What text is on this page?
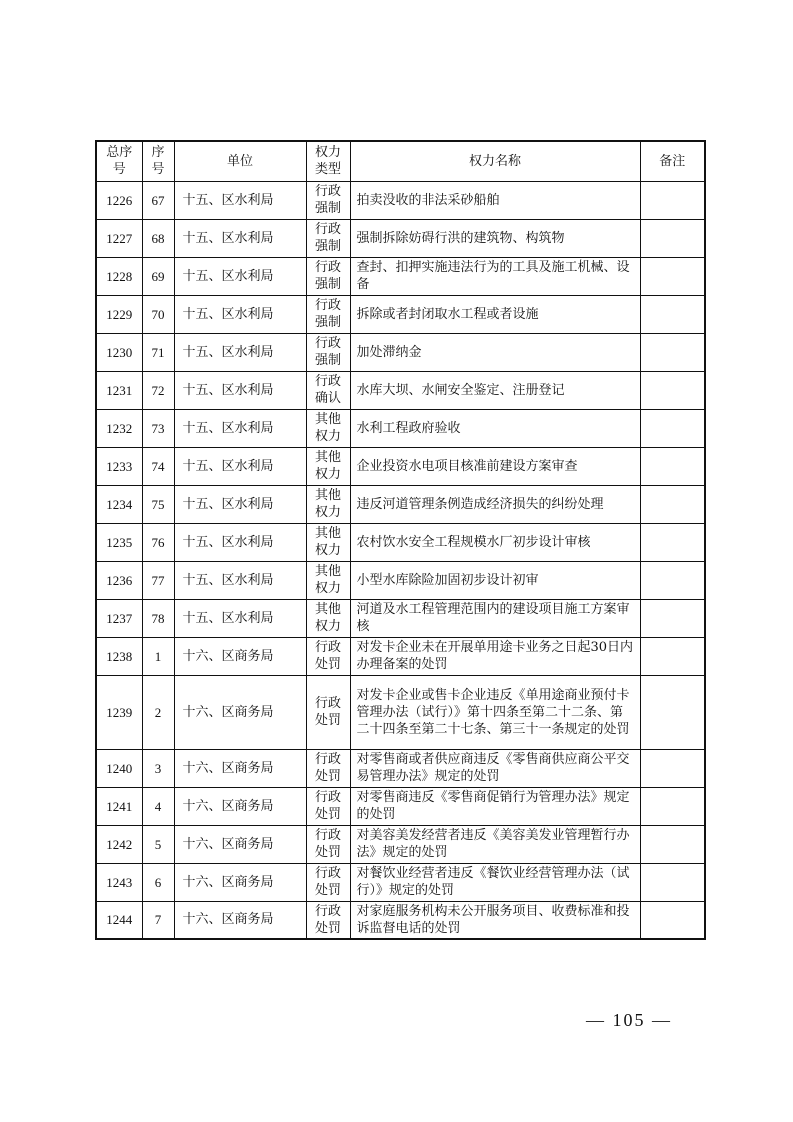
总序号	序号	单位	权力类型	权力名称	备注
1226	67	十五、区水利局	行政强制	拍卖没收的非法采砂船舶	
1227	68	十五、区水利局	行政强制	强制拆除妨碍行洪的建筑物、构筑物	
1228	69	十五、区水利局	行政强制	查封、扣押实施违法行为的工具及施工机械、设备	
1229	70	十五、区水利局	行政强制	拆除或者封闭取水工程或者设施	
1230	71	十五、区水利局	行政强制	加处滞纳金	
1231	72	十五、区水利局	行政确认	水库大坝、水闸安全鉴定、注册登记	
1232	73	十五、区水利局	其他权力	水利工程政府验收	
1233	74	十五、区水利局	其他权力	企业投资水电项目核准前建设方案审查	
1234	75	十五、区水利局	其他权力	违反河道管理条例造成经济损失的纠纷处理	
1235	76	十五、区水利局	其他权力	农村饮水安全工程规模水厂初步设计审核	
1236	77	十五、区水利局	其他权力	小型水库除险加固初步设计初审	
1237	78	十五、区水利局	其他权力	河道及水工程管理范围内的建设项目施工方案审核	
1238	1	十六、区商务局	行政处罚	对发卡企业未在开展单用途卡业务之日起30日内办理备案的处罚	
1239	2	十六、区商务局	行政处罚	对发卡企业或售卡企业违反《单用途商业预付卡管理办法（试行）》第十四条至第二十二条、第二十四条至第二十七条、第三十一条规定的处罚	
1240	3	十六、区商务局	行政处罚	对零售商或者供应商违反《零售商供应商公平交易管理办法》规定的处罚	
1241	4	十六、区商务局	行政处罚	对零售商违反《零售商促销行为管理办法》规定的处罚	
1242	5	十六、区商务局	行政处罚	对美容美发经营者违反《美容美发业管理暂行办法》规定的处罚	
1243	6	十六、区商务局	行政处罚	对餐饮业经营者违反《餐饮业经营管理办法（试行）》规定的处罚	
1244	7	十六、区商务局	行政处罚	对家庭服务机构未公开服务项目、收费标准和投诉监督电话的处罚	
— 105 —
